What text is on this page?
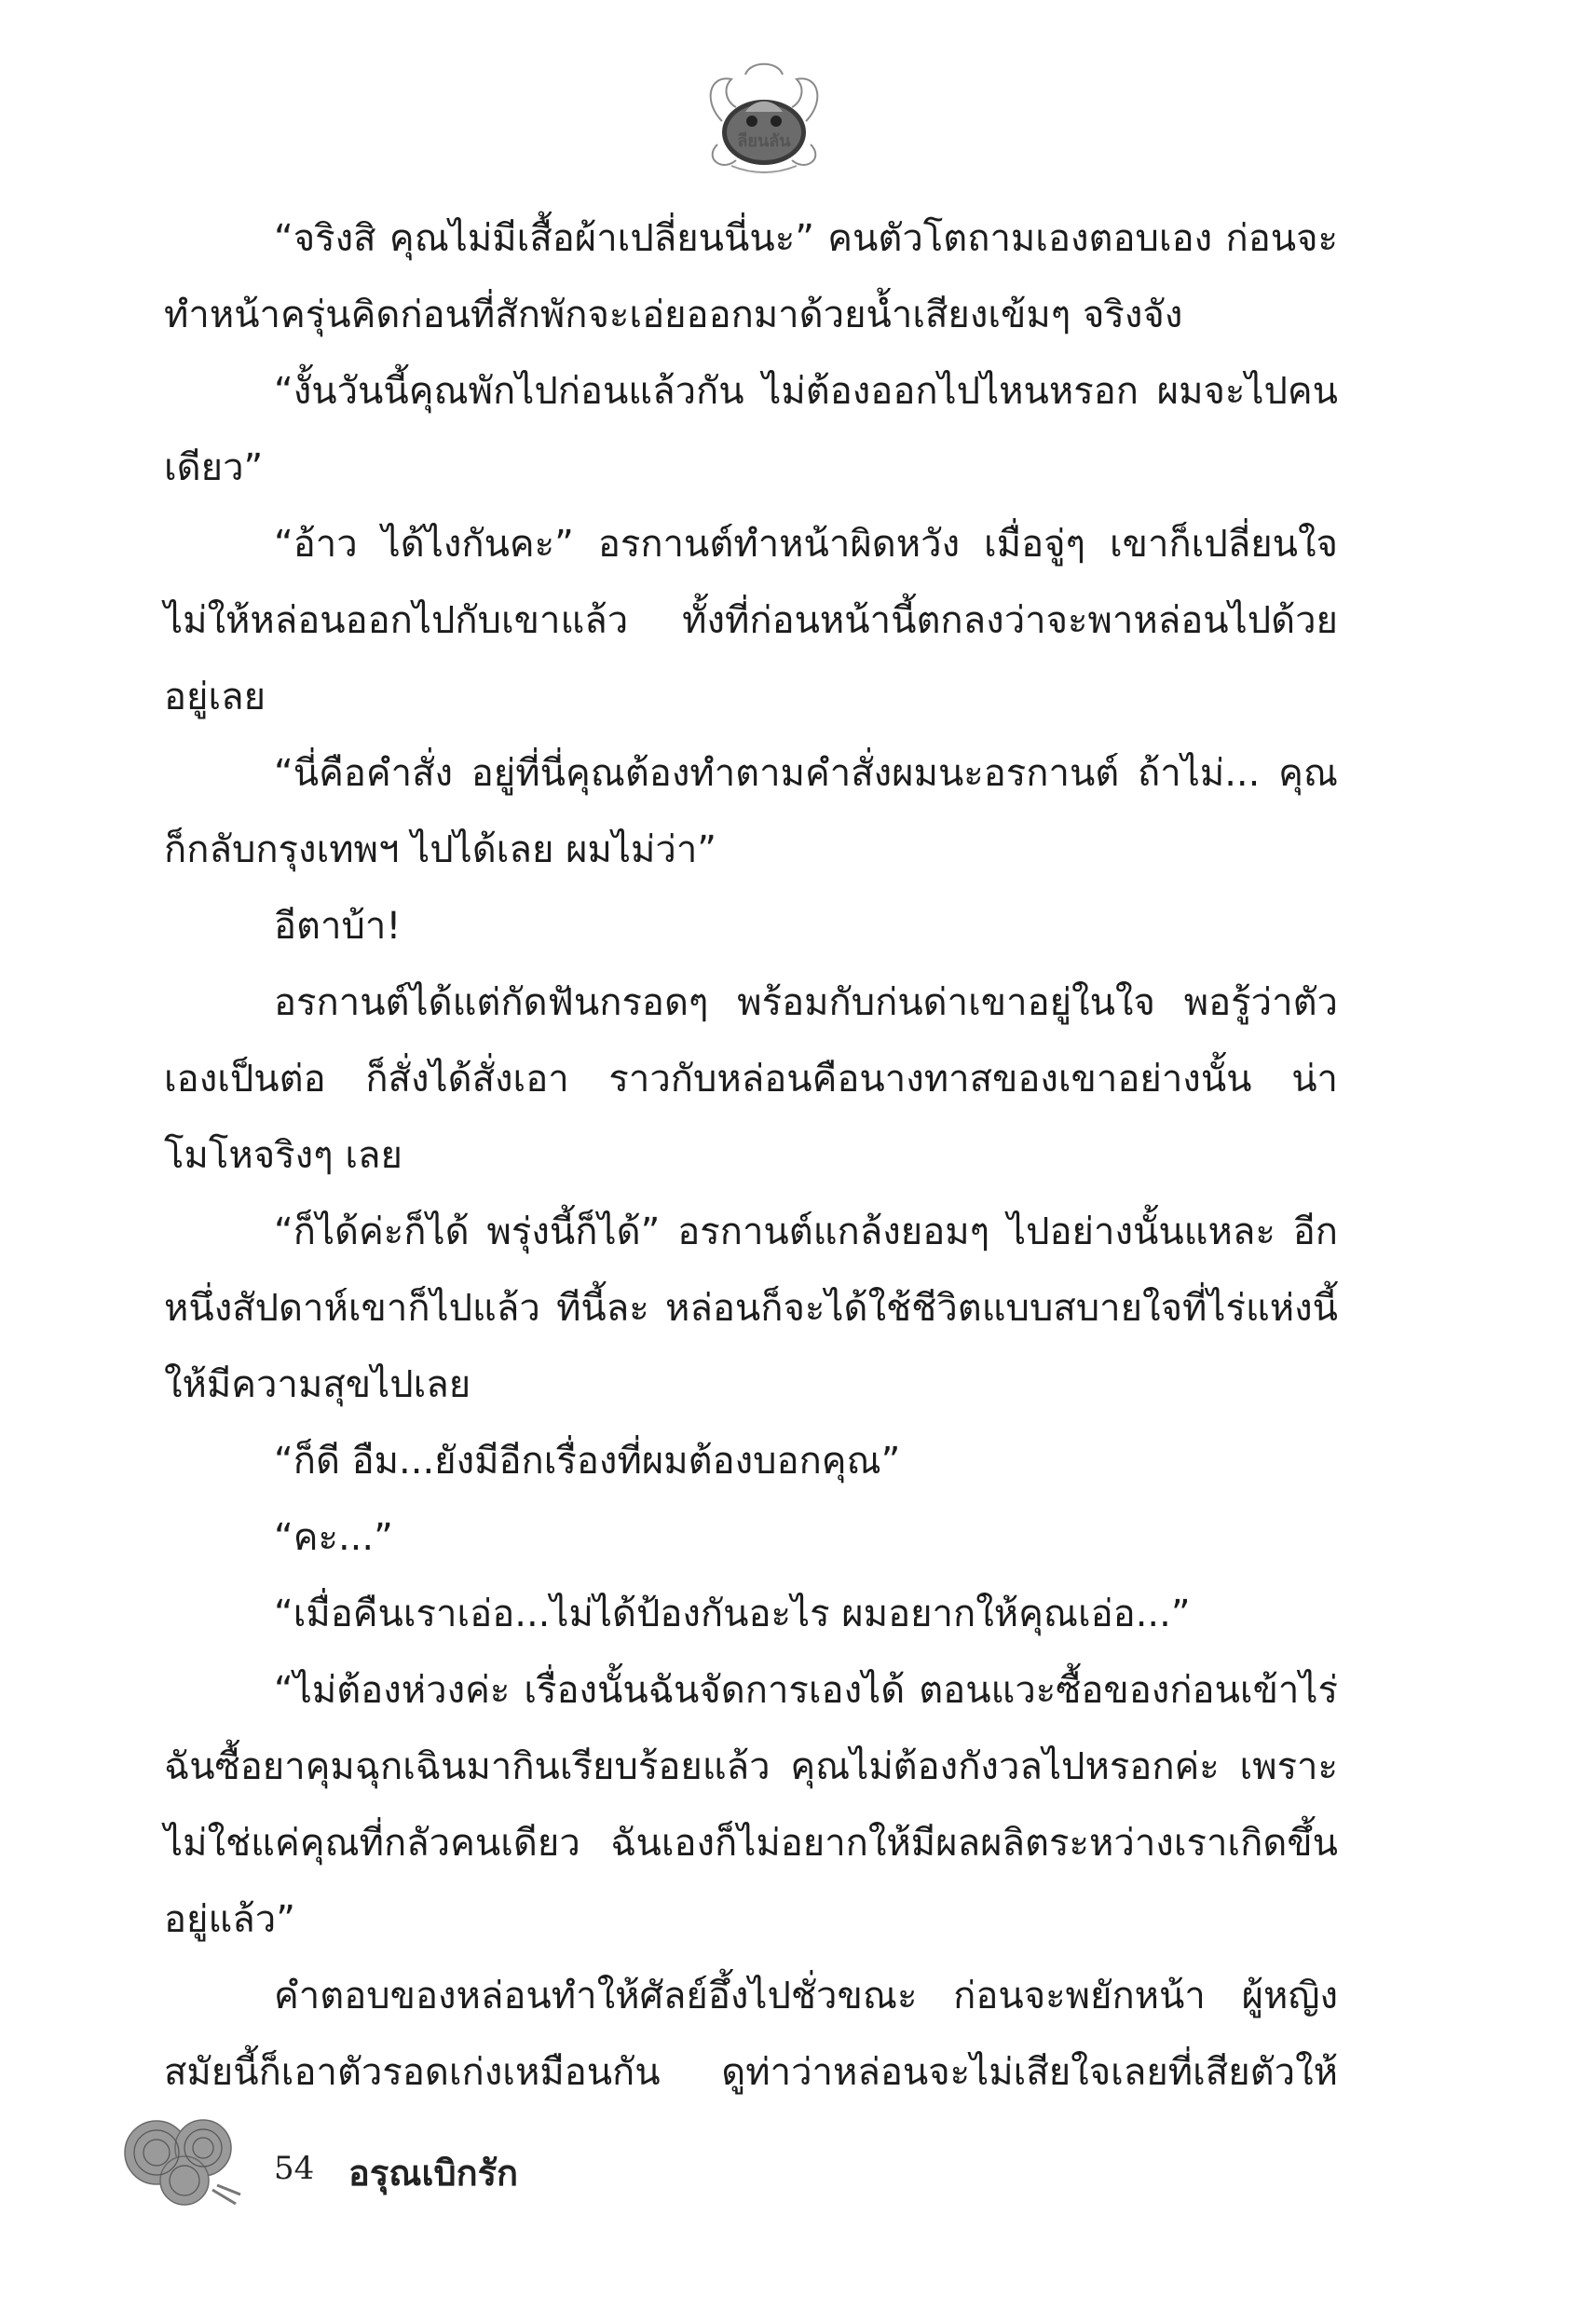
ลียนลัน

“จริงสิ คุณไม่มีเสื้อผ้าเปลี่ยนนี่นะ” คนตัวโตถามเองตอบเอง ก่อนจะทำหน้าครุ่นคิดก่อนที่สักพักจะเอ่ยออกมาด้วยน้ำเสียงเข้มๆ จริงจัง

“งั้นวันนี้คุณพักไปก่อนแล้วกัน ไม่ต้องออกไปไหนหรอก ผมจะไปคนเดียว”

“อ้าว ได้ไงกันคะ” อรกานต์ทำหน้าผิดหวัง เมื่อจู่ๆ เขาก็เปลี่ยนใจ ไม่ให้หล่อนออกไปกับเขาแล้ว ทั้งที่ก่อนหน้านี้ตกลงว่าจะพาหล่อนไปด้วยอยู่เลย

“นี่คือคำสั่ง อยู่ที่นี่คุณต้องทำตามคำสั่งผมนะอรกานต์ ถ้าไม่... คุณก็กลับกรุงเทพฯ ไปได้เลย ผมไม่ว่า”

อีตาบ้า!

อรกานต์ได้แต่กัดฟันกรอดๆ พร้อมกับก่นด่าเขาอยู่ในใจ พอรู้ว่าตัวเองเป็นต่อ ก็สั่งได้สั่งเอา ราวกับหล่อนคือนางทาสของเขาอย่างนั้น น่าโมโหจริงๆ เลย

“ก็ได้ค่ะก็ได้ พรุ่งนี้ก็ได้” อรกานต์แกล้งยอมๆ ไปอย่างนั้นแหละ อีกหนึ่งสัปดาห์เขาก็ไปแล้ว ทีนี้ละ หล่อนก็จะได้ใช้ชีวิตแบบสบายใจที่ไร่แห่งนี้ให้มีความสุขไปเลย

“ก็ดี อืม...ยังมีอีกเรื่องที่ผมต้องบอกคุณ”

“คะ...”

“เมื่อคืนเราเอ่อ...ไม่ได้ป้องกันอะไร ผมอยากให้คุณเอ่อ...”

“ไม่ต้องห่วงค่ะ เรื่องนั้นฉันจัดการเองได้ ตอนแวะซื้อของก่อนเข้าไร่ ฉันซื้อยาคุมฉุกเฉินมากินเรียบร้อยแล้ว คุณไม่ต้องกังวลไปหรอกค่ะ เพราะไม่ใช่แค่คุณที่กลัวคนเดียว ฉันเองก็ไม่อยากให้มีผลผลิตระหว่างเราเกิดขึ้นอยู่แล้ว”

คำตอบของหล่อนทำให้ศัลย์อึ้งไปชั่วขณะ ก่อนจะพยักหน้า ผู้หญิงสมัยนี้ก็เอาตัวรอดเก่งเหมือนกัน ดูท่าว่าหล่อนจะไม่เสียใจเลยที่เสียตัวให้

54 อรุณเบิกรัก
